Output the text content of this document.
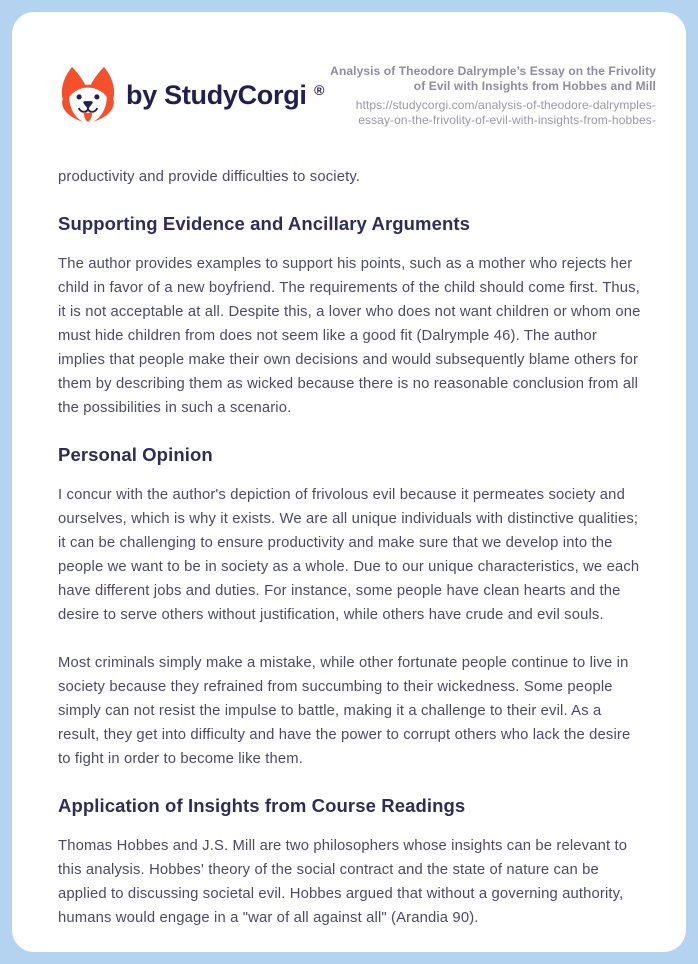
by StudyCorgi ®
Analysis of Theodore Dalrymple’s Essay on the Frivolity
of Evil with Insights from Hobbes and Mill
https://studycorgi.com/analysis-of-theodore-dalrymples-
essay-on-the-frivolity-of-evil-with-insights-from-hobbes-

productivity and provide difficulties to society.

Supporting Evidence and Ancillary Arguments

The author provides examples to support his points, such as a mother who rejects her child in favor of a new boyfriend. The requirements of the child should come first. Thus, it is not acceptable at all. Despite this, a lover who does not want children or whom one must hide children from does not seem like a good fit (Dalrymple 46). The author implies that people make their own decisions and would subsequently blame others for them by describing them as wicked because there is no reasonable conclusion from all the possibilities in such a scenario.

Personal Opinion

I concur with the author's depiction of frivolous evil because it permeates society and ourselves, which is why it exists. We are all unique individuals with distinctive qualities; it can be challenging to ensure productivity and make sure that we develop into the people we want to be in society as a whole. Due to our unique characteristics, we each have different jobs and duties. For instance, some people have clean hearts and the desire to serve others without justification, while others have crude and evil souls.

Most criminals simply make a mistake, while other fortunate people continue to live in society because they refrained from succumbing to their wickedness. Some people simply can not resist the impulse to battle, making it a challenge to their evil. As a result, they get into difficulty and have the power to corrupt others who lack the desire to fight in order to become like them.

Application of Insights from Course Readings

Thomas Hobbes and J.S. Mill are two philosophers whose insights can be relevant to this analysis. Hobbes' theory of the social contract and the state of nature can be applied to discussing societal evil. Hobbes argued that without a governing authority, humans would engage in a "war of all against all" (Arandia 90).
